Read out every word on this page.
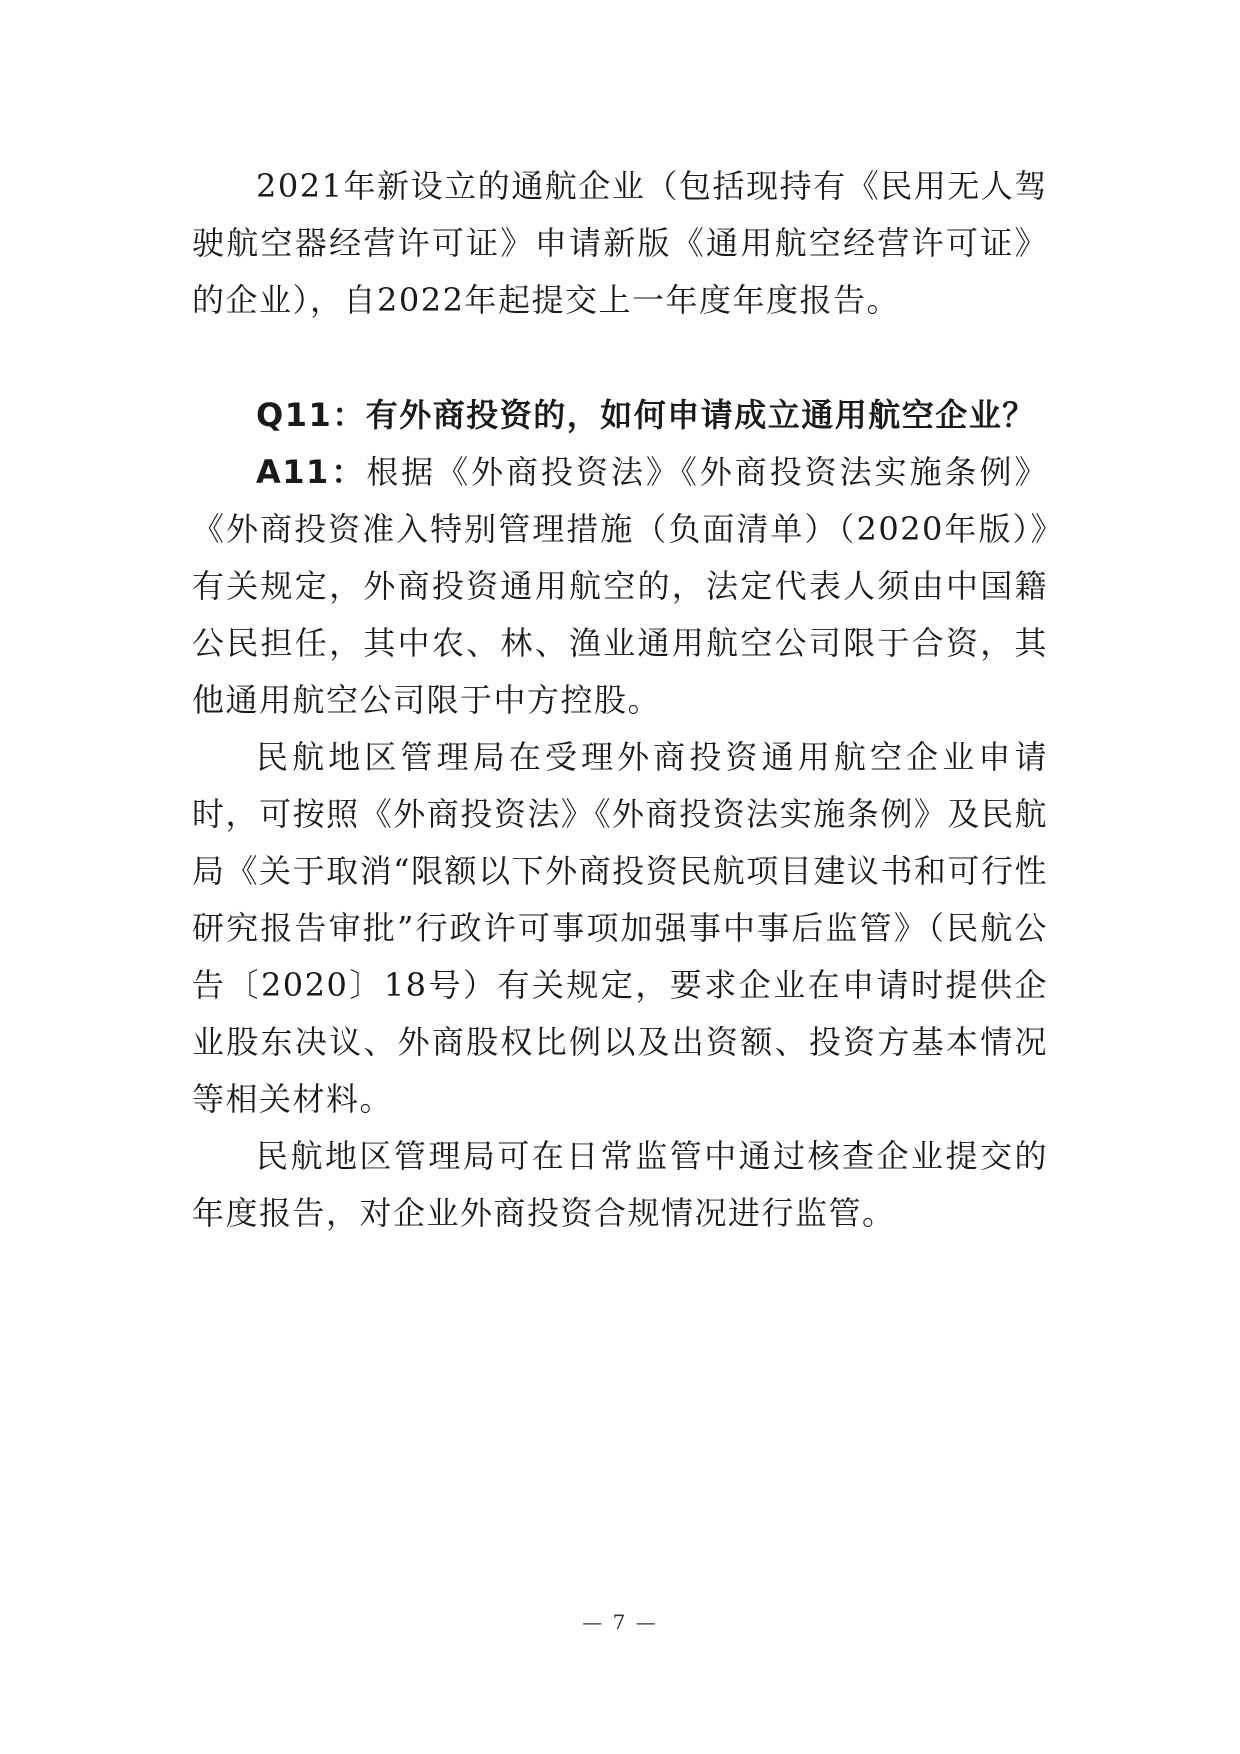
2021年新设立的通航企业（包括现持有《民用无人驾驶航空器经营许可证》申请新版《通用航空经营许可证》的企业），自2022年起提交上一年度年度报告。

Q11：有外商投资的，如何申请成立通用航空企业？

A11：根据《外商投资法》《外商投资法实施条例》《外商投资准入特别管理措施（负面清单）（2020年版）》有关规定，外商投资通用航空的，法定代表人须由中国籍公民担任，其中农、林、渔业通用航空公司限于合资，其他通用航空公司限于中方控股。

民航地区管理局在受理外商投资通用航空企业申请时，可按照《外商投资法》《外商投资法实施条例》及民航局《关于取消“限额以下外商投资民航项目建议书和可行性研究报告审批”行政许可事项加强事中事后监管》（民航公告〔2020〕18号）有关规定，要求企业在申请时提供企业股东决议、外商股权比例以及出资额、投资方基本情况等相关材料。

民航地区管理局可在日常监管中通过核查企业提交的年度报告，对企业外商投资合规情况进行监管。

— 7 —
